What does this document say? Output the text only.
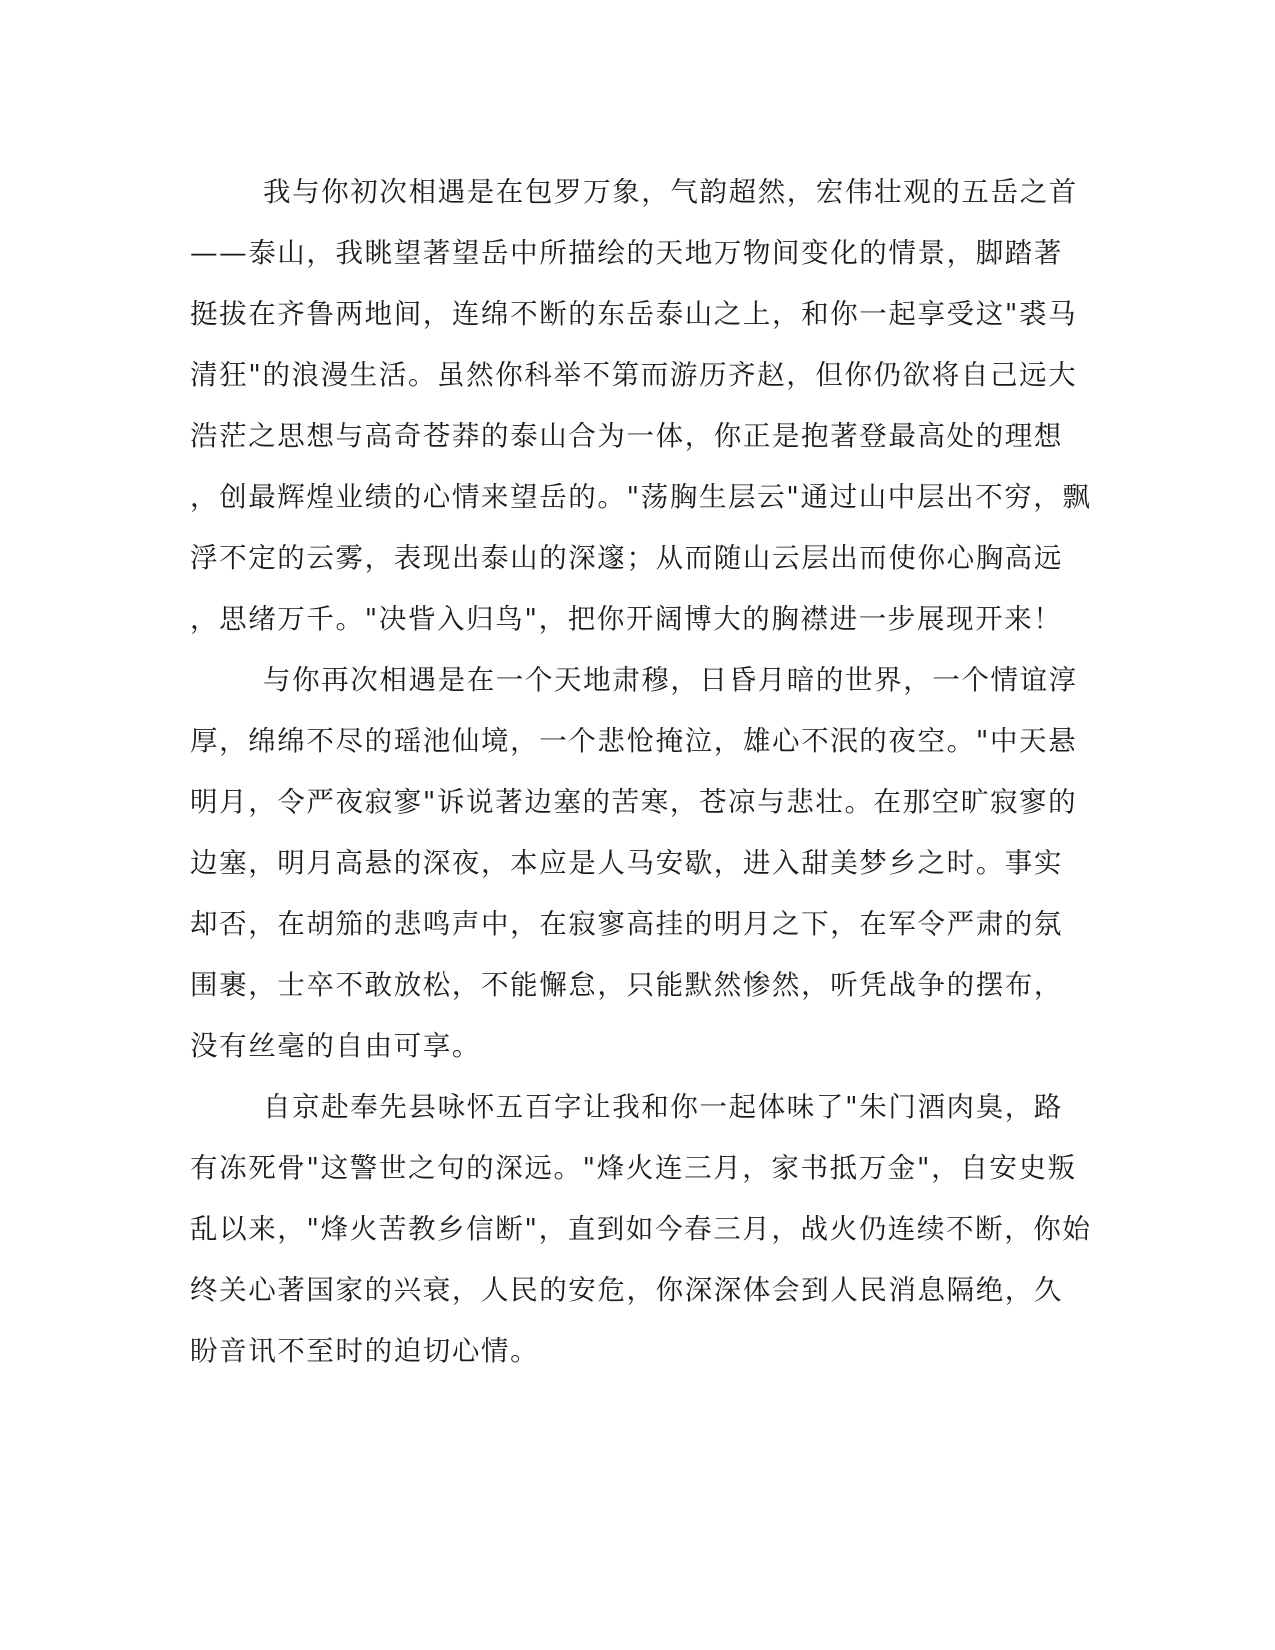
我与你初次相遇是在包罗万象，气韵超然，宏伟壮观的五岳之首
——泰山，我眺望著望岳中所描绘的天地万物间变化的情景，脚踏著
挺拔在齐鲁两地间，连绵不断的东岳泰山之上，和你一起享受这"裘马
清狂"的浪漫生活。虽然你科举不第而游历齐赵，但你仍欲将自己远大
浩茫之思想与高奇苍莽的泰山合为一体，你正是抱著登最高处的理想
，创最辉煌业绩的心情来望岳的。"荡胸生层云"通过山中层出不穷，飘
浮不定的云雾，表现出泰山的深邃；从而随山云层出而使你心胸高远
，思绪万千。"决眥入归鸟"，把你开阔博大的胸襟进一步展现开来！
与你再次相遇是在一个天地肃穆，日昏月暗的世界，一个情谊淳
厚，绵绵不尽的瑶池仙境，一个悲怆掩泣，雄心不泯的夜空。"中天悬
明月，令严夜寂寥"诉说著边塞的苦寒，苍凉与悲壮。在那空旷寂寥的
边塞，明月高悬的深夜，本应是人马安歇，进入甜美梦乡之时。事实
却否，在胡笳的悲鸣声中，在寂寥高挂的明月之下，在军令严肃的氛
围裹，士卒不敢放松，不能懈怠，只能默然惨然，听凭战争的摆布，
没有丝毫的自由可享。
自京赴奉先县咏怀五百字让我和你一起体味了"朱门酒肉臭，路
有冻死骨"这警世之句的深远。"烽火连三月，家书抵万金"，自安史叛
乱以来，"烽火苦教乡信断"，直到如今春三月，战火仍连续不断，你始
终关心著国家的兴衰，人民的安危，你深深体会到人民消息隔绝，久
盼音讯不至时的迫切心情。
